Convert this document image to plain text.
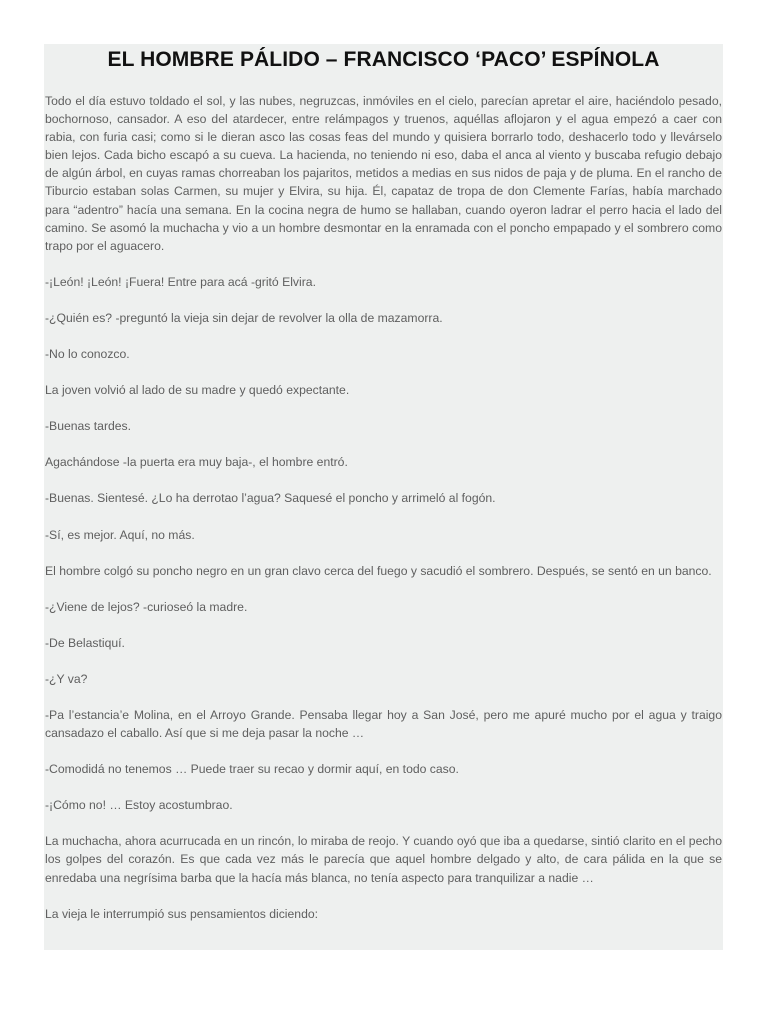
EL HOMBRE PÁLIDO – FRANCISCO ‘PACO’ ESPÍNOLA

Todo el día estuvo toldado el sol, y las nubes, negruzcas, inmóviles en el cielo, parecían apretar el aire, haciéndolo pesado, bochornoso, cansador. A eso del atardecer, entre relámpagos y truenos, aquéllas aflojaron y el agua empezó a caer con rabia, con furia casi; como si le dieran asco las cosas feas del mundo y quisiera borrarlo todo, deshacerlo todo y llevárselo bien lejos. Cada bicho escapó a su cueva. La hacienda, no teniendo ni eso, daba el anca al viento y buscaba refugio debajo de algún árbol, en cuyas ramas chorreaban los pajaritos, metidos a medias en sus nidos de paja y de pluma. En el rancho de Tiburcio estaban solas Carmen, su mujer y Elvira, su hija. Él, capataz de tropa de don Clemente Farías, había marchado para “adentro” hacía una semana. En la cocina negra de humo se hallaban, cuando oyeron ladrar el perro hacia el lado del camino. Se asomó la muchacha y vio a un hombre desmontar en la enramada con el poncho empapado y el sombrero como trapo por el aguacero.

-¡León! ¡León! ¡Fuera! Entre para acá -gritó Elvira.

-¿Quién es? -preguntó la vieja sin dejar de revolver la olla de mazamorra.

-No lo conozco.

La joven volvió al lado de su madre y quedó expectante.

-Buenas tardes.

Agachándose -la puerta era muy baja-, el hombre entró.

-Buenas. Sientesé. ¿Lo ha derrotao l’agua? Saquesé el poncho y arrimeló al fogón.

-Sí, es mejor. Aquí, no más.

El hombre colgó su poncho negro en un gran clavo cerca del fuego y sacudió el sombrero. Después, se sentó en un banco.

-¿Viene de lejos? -curioseó la madre.

-De Belastiquí.

-¿Y va?

-Pa l’estancia’e Molina, en el Arroyo Grande. Pensaba llegar hoy a San José, pero me apuré mucho por el agua y traigo cansadazo el caballo. Así que si me deja pasar la noche …

-Comodidá no tenemos … Puede traer su recao y dormir aquí, en todo caso.

-¡Cómo no! … Estoy acostumbrao.

La muchacha, ahora acurrucada en un rincón, lo miraba de reojo. Y cuando oyó que iba a quedarse, sintió clarito en el pecho los golpes del corazón. Es que cada vez más le parecía que aquel hombre delgado y alto, de cara pálida en la que se enredaba una negrísima barba que la hacía más blanca, no tenía aspecto para tranquilizar a nadie …

La vieja le interrumpió sus pensamientos diciendo:
